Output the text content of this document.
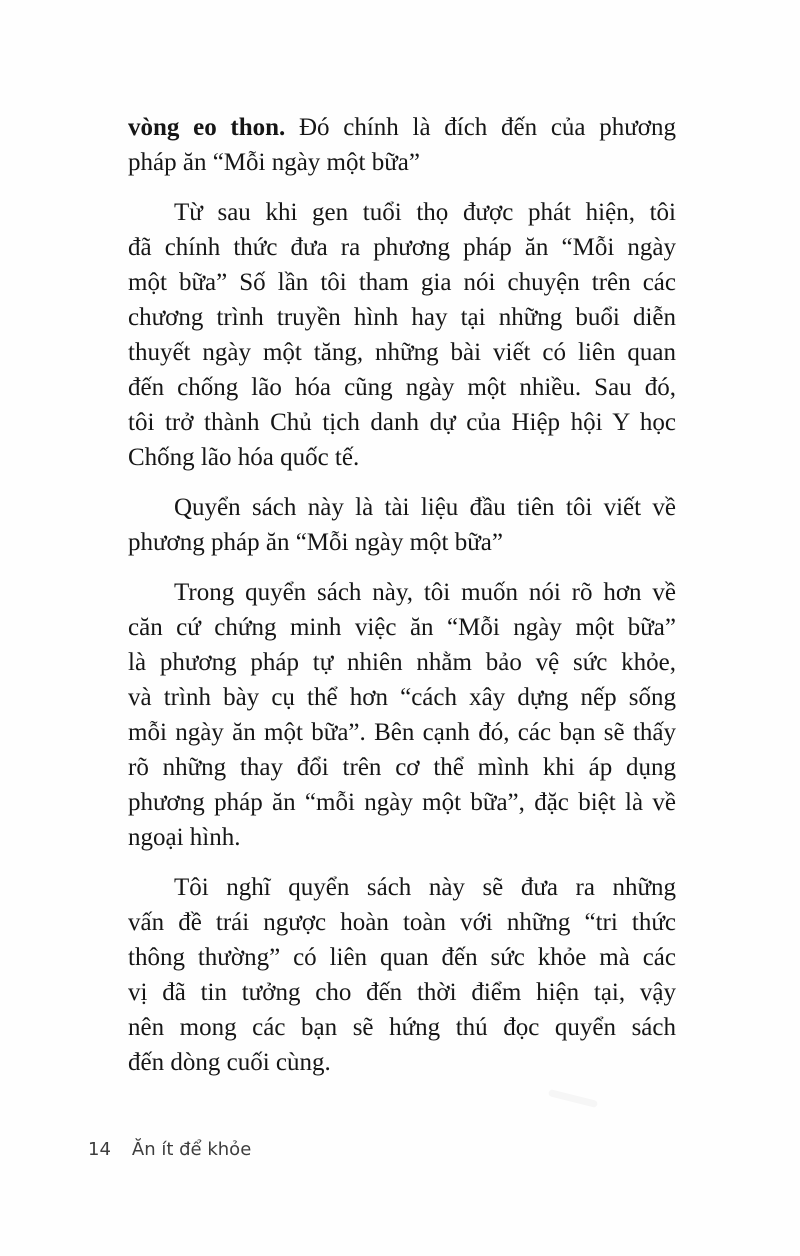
vòng eo thon. Đó chính là đích đến của phương
pháp ăn “Mỗi ngày một bữa”

Từ sau khi gen tuổi thọ được phát hiện, tôi
đã chính thức đưa ra phương pháp ăn “Mỗi ngày
một bữa” Số lần tôi tham gia nói chuyện trên các
chương trình truyền hình hay tại những buổi diễn
thuyết ngày một tăng, những bài viết có liên quan
đến chống lão hóa cũng ngày một nhiều. Sau đó,
tôi trở thành Chủ tịch danh dự của Hiệp hội Y học
Chống lão hóa quốc tế.

Quyển sách này là tài liệu đầu tiên tôi viết về
phương pháp ăn “Mỗi ngày một bữa”

Trong quyển sách này, tôi muốn nói rõ hơn về
căn cứ chứng minh việc ăn “Mỗi ngày một bữa”
là phương pháp tự nhiên nhằm bảo vệ sức khỏe,
và trình bày cụ thể hơn “cách xây dựng nếp sống
mỗi ngày ăn một bữa”. Bên cạnh đó, các bạn sẽ thấy
rõ những thay đổi trên cơ thể mình khi áp dụng
phương pháp ăn “mỗi ngày một bữa”, đặc biệt là về
ngoại hình.

Tôi nghĩ quyển sách này sẽ đưa ra những
vấn đề trái ngược hoàn toàn với những “tri thức
thông thường” có liên quan đến sức khỏe mà các
vị đã tin tưởng cho đến thời điểm hiện tại, vậy
nên mong các bạn sẽ hứng thú đọc quyển sách
đến dòng cuối cùng.

14 Ăn ít để khỏe
